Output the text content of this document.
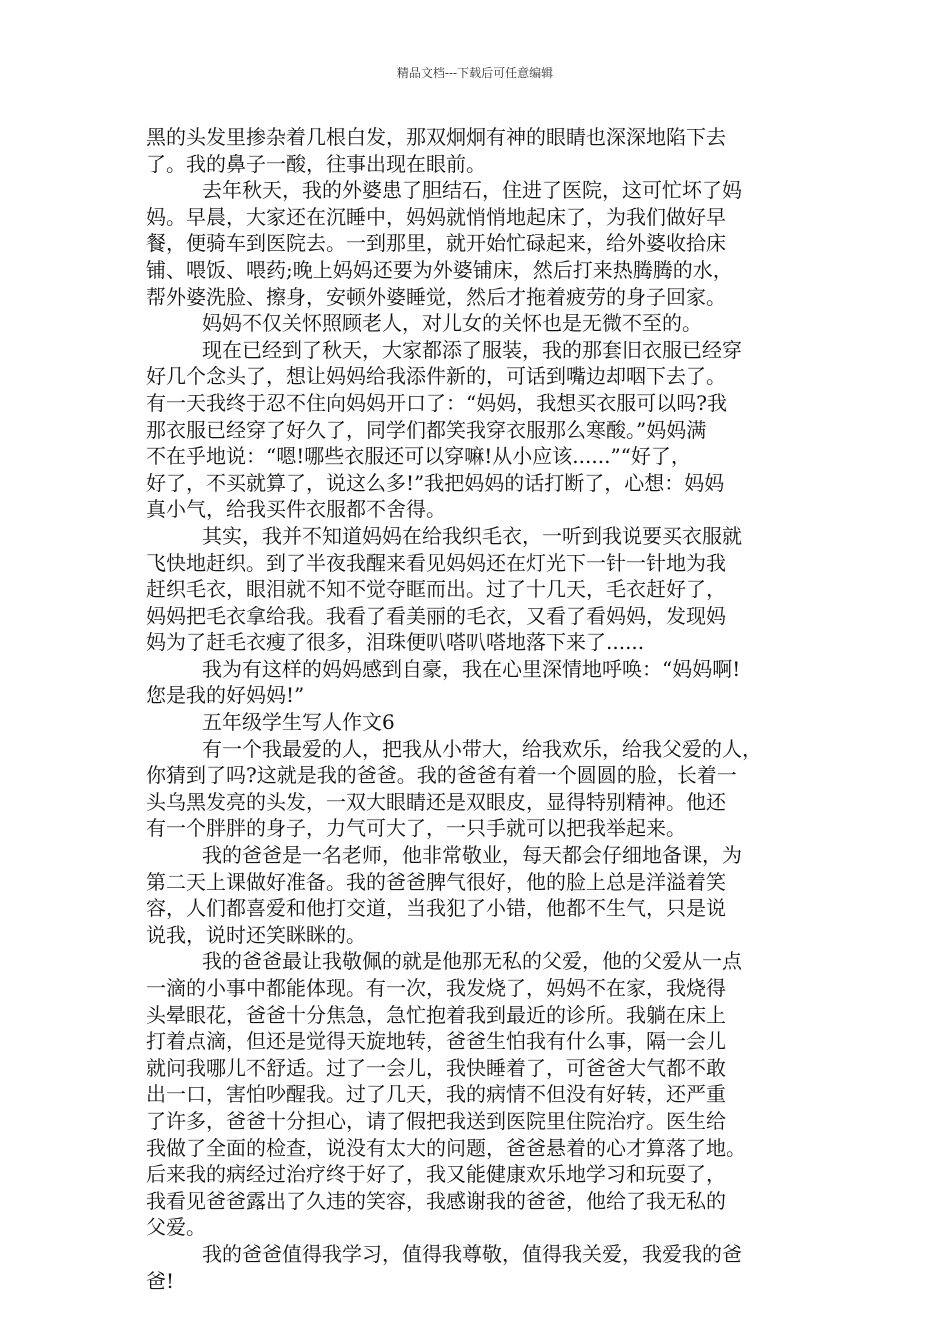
精品文档---下载后可任意编辑
黑的头发里掺杂着几根白发，那双炯炯有神的眼睛也深深地陷下去
了。我的鼻子一酸，往事出现在眼前。
去年秋天，我的外婆患了胆结石，住进了医院，这可忙坏了妈
妈。早晨，大家还在沉睡中，妈妈就悄悄地起床了，为我们做好早
餐，便骑车到医院去。一到那里，就开始忙碌起来，给外婆收拾床
铺、喂饭、喂药;晚上妈妈还要为外婆铺床，然后打来热腾腾的水，
帮外婆洗脸、擦身，安顿外婆睡觉，然后才拖着疲劳的身子回家。
妈妈不仅关怀照顾老人，对儿女的关怀也是无微不至的。
现在已经到了秋天，大家都添了服装，我的那套旧衣服已经穿
好几个念头了，想让妈妈给我添件新的，可话到嘴边却咽下去了。
有一天我终于忍不住向妈妈开口了：“妈妈，我想买衣服可以吗?我
那衣服已经穿了好久了，同学们都笑我穿衣服那么寒酸。”妈妈满
不在乎地说：“嗯!哪些衣服还可以穿嘛!从小应该......”“好了，
好了，不买就算了，说这么多!”我把妈妈的话打断了，心想：妈妈
真小气，给我买件衣服都不舍得。
其实，我并不知道妈妈在给我织毛衣，一听到我说要买衣服就
飞快地赶织。到了半夜我醒来看见妈妈还在灯光下一针一针地为我
赶织毛衣，眼泪就不知不觉夺眶而出。过了十几天，毛衣赶好了，
妈妈把毛衣拿给我。我看了看美丽的毛衣，又看了看妈妈，发现妈
妈为了赶毛衣瘦了很多，泪珠便叭嗒叭嗒地落下来了......
我为有这样的妈妈感到自豪，我在心里深情地呼唤：“妈妈啊!
您是我的好妈妈!”
五年级学生写人作文6
有一个我最爱的人，把我从小带大，给我欢乐，给我父爱的人，
你猜到了吗?这就是我的爸爸。我的爸爸有着一个圆圆的脸，长着一
头乌黑发亮的头发，一双大眼睛还是双眼皮，显得特别精神。他还
有一个胖胖的身子，力气可大了，一只手就可以把我举起来。
我的爸爸是一名老师，他非常敬业，每天都会仔细地备课，为
第二天上课做好准备。我的爸爸脾气很好，他的脸上总是洋溢着笑
容，人们都喜爱和他打交道，当我犯了小错，他都不生气，只是说
说我，说时还笑眯眯的。
我的爸爸最让我敬佩的就是他那无私的父爱，他的父爱从一点
一滴的小事中都能体现。有一次，我发烧了，妈妈不在家，我烧得
头晕眼花，爸爸十分焦急，急忙抱着我到最近的诊所。我躺在床上
打着点滴，但还是觉得天旋地转，爸爸生怕我有什么事，隔一会儿
就问我哪儿不舒适。过了一会儿，我快睡着了，可爸爸大气都不敢
出一口，害怕吵醒我。过了几天，我的病情不但没有好转，还严重
了许多，爸爸十分担心，请了假把我送到医院里住院治疗。医生给
我做了全面的检查，说没有太大的问题，爸爸悬着的心才算落了地。
后来我的病经过治疗终于好了，我又能健康欢乐地学习和玩耍了，
我看见爸爸露出了久违的笑容，我感谢我的爸爸，他给了我无私的
父爱。
我的爸爸值得我学习，值得我尊敬，值得我关爱，我爱我的爸
爸!
